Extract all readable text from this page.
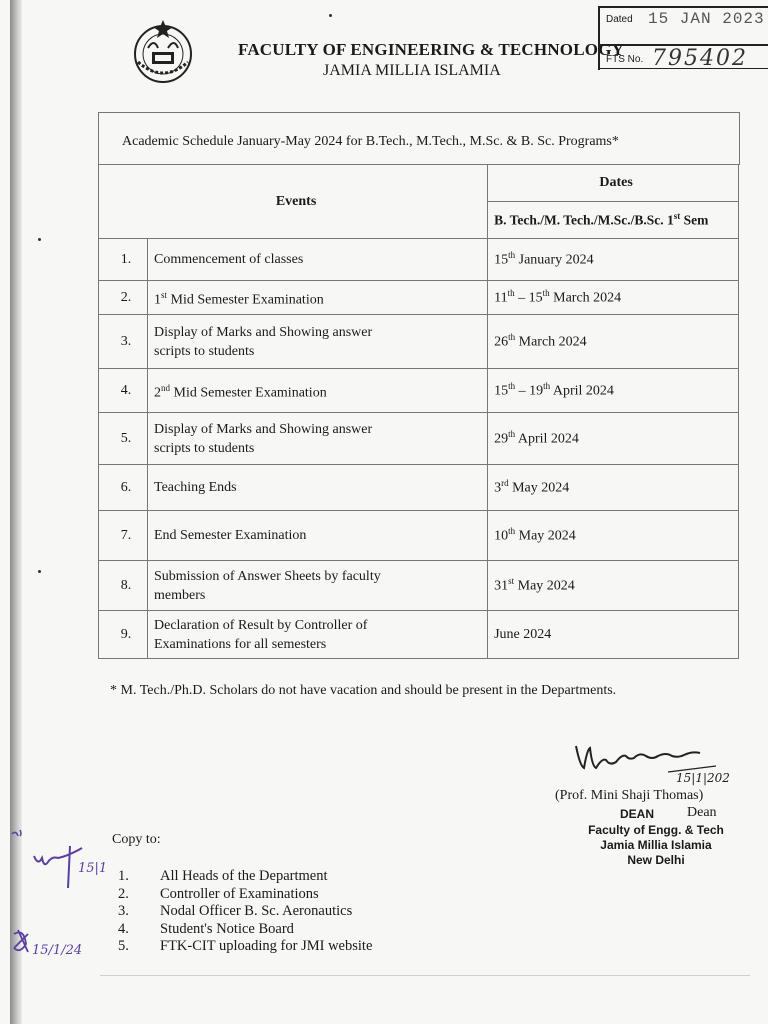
FACULTY OF ENGINEERING & TECHNOLOGY
JAMIA MILLIA ISLAMIA
Dated 15 JAN 2023
FTS No. 795402
Academic Schedule January-May 2024 for B.Tech., M.Tech., M.Sc. & B. Sc. Programs*
Events		Dates
		B. Tech./M. Tech./M.Sc./B.Sc. 1st Sem
1.	Commencement of classes	15th January 2024
2.	1st Mid Semester Examination	11th – 15th March 2024
3.	Display of Marks and Showing answer
scripts to students	26th March 2024
4.	2nd Mid Semester Examination	15th – 19th April 2024
5.	Display of Marks and Showing answer
scripts to students	29th April 2024
6.	Teaching Ends	3rd May 2024
7.	End Semester Examination	10th May 2024
8.	Submission of Answer Sheets by faculty
members	31st May 2024
9.	Declaration of Result by Controller of
Examinations for all semesters	June 2024
* M. Tech./Ph.D. Scholars do not have vacation and should be present in the Departments.
15|1|202
(Prof. Mini Shaji Thomas)
DEAN Dean
Faculty of Engg. & Tech
Jamia Millia Islamia
New Delhi
15|1
Copy to:
1.	All Heads of the Department
2.	Controller of Examinations
3.	Nodal Officer B. Sc. Aeronautics
4.	Student's Notice Board
5.	FTK-CIT uploading for JMI website
15/1/24
